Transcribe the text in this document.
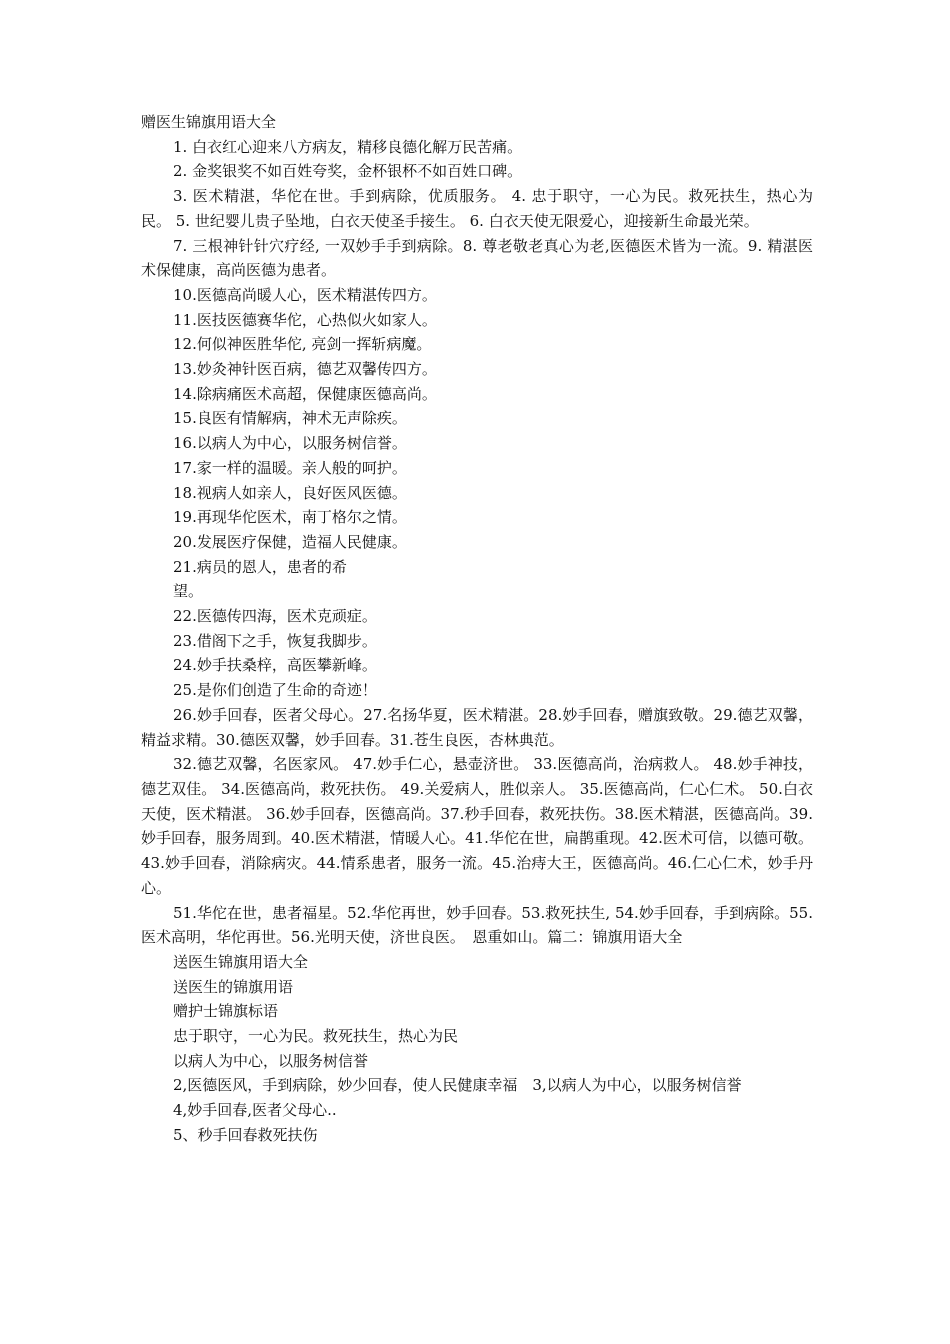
赠医生锦旗用语大全

1. 白衣红心迎来八方病友，精移良德化解万民苦痛。

2. 金奖银奖不如百姓夸奖，金杯银杯不如百姓口碑。

3. 医术精湛，华佗在世。手到病除，优质服务。 4. 忠于职守，一心为民。救死扶生，热心为民。 5. 世纪婴儿贵子坠地，白衣天使圣手接生。 6. 白衣天使无限爱心，迎接新生命最光荣。

7. 三根神针针穴疗经, 一双妙手手到病除。8. 尊老敬老真心为老,医德医术皆为一流。9. 精湛医术保健康，高尚医德为患者。

10.医德高尚暖人心，医术精湛传四方。

11.医技医德赛华佗，心热似火如家人。

12.何似神医胜华佗, 亮剑一挥斩病魔。

13.妙灸神针医百病，德艺双馨传四方。

14.除病痛医术高超，保健康医德高尚。

15.良医有情解病，神术无声除疾。

16.以病人为中心，以服务树信誉。

17.家一样的温暖。亲人般的呵护。

18.视病人如亲人，良好医风医德。

19.再现华佗医术，南丁格尔之情。

20.发展医疗保健，造福人民健康。

21.病员的恩人，患者的希

望。

22.医德传四海，医术克顽症。

23.借阁下之手，恢复我脚步。

24.妙手扶桑梓，高医攀新峰。

25.是你们创造了生命的奇迹！

26.妙手回春，医者父母心。27.名扬华夏，医术精湛。28.妙手回春，赠旗致敬。29.德艺双馨，精益求精。30.德医双馨，妙手回春。31.苍生良医，杏林典范。

32.德艺双馨，名医家风。 47.妙手仁心，悬壶济世。 33.医德高尚，治病救人。 48.妙手神技，德艺双佳。 34.医德高尚，救死扶伤。 49.关爱病人，胜似亲人。 35.医德高尚，仁心仁术。 50.白衣天使，医术精湛。 36.妙手回春，医德高尚。37.秒手回春，救死扶伤。38.医术精湛，医德高尚。39.妙手回春，服务周到。40.医术精湛，情暖人心。41.华佗在世，扁鹊重现。42.医术可信，以德可敬。43.妙手回春，消除病灾。44.情系患者，服务一流。45.治痔大王，医德高尚。46.仁心仁术，妙手丹心。

51.华佗在世，患者福星。52.华佗再世，妙手回春。53.救死扶生, 54.妙手回春，手到病除。55.医术高明，华佗再世。56.光明天使，济世良医。　恩重如山。篇二：锦旗用语大全

送医生锦旗用语大全

送医生的锦旗用语

赠护士锦旗标语

忠于职守，一心为民。救死扶生，热心为民

以病人为中心，以服务树信誉

2,医德医风，手到病除，妙少回春，使人民健康幸福　3,以病人为中心，以服务树信誉

4,妙手回春,医者父母心..

5、秒手回春救死扶伤
